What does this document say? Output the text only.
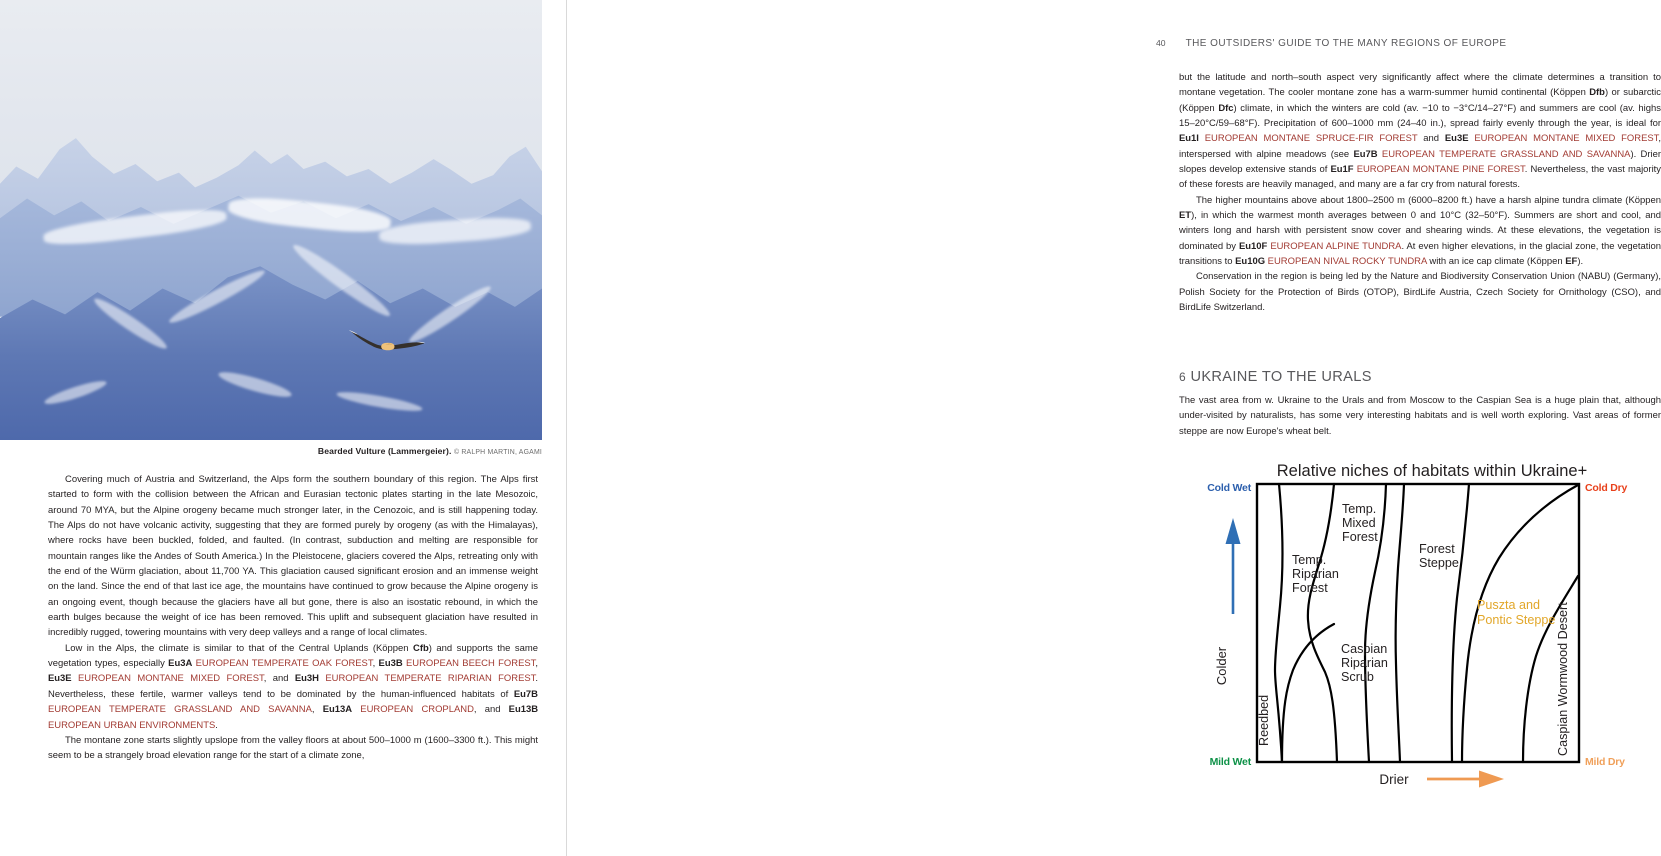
Bearded Vulture (Lammergeier). © RALPH MARTIN, AGAMI

Covering much of Austria and Switzerland, the Alps form the southern boundary of this region. The Alps first started to form with the collision between the African and Eurasian tectonic plates starting in the late Mesozoic, around 70 MYA, but the Alpine orogeny became much stronger later, in the Cenozoic, and is still happening today. The Alps do not have volcanic activity, suggesting that they are formed purely by orogeny (as with the Himalayas), where rocks have been buckled, folded, and faulted. (In contrast, subduction and melting are responsible for mountain ranges like the Andes of South America.) In the Pleistocene, glaciers covered the Alps, retreating only with the end of the Würm glaciation, about 11,700 YA. This glaciation caused significant erosion and an immense weight on the land. Since the end of that last ice age, the mountains have continued to grow because the Alpine orogeny is an ongoing event, though because the glaciers have all but gone, there is also an isostatic rebound, in which the earth bulges because the weight of ice has been removed. This uplift and subsequent glaciation have resulted in incredibly rugged, towering mountains with very deep valleys and a range of local climates.

Low in the Alps, the climate is similar to that of the Central Uplands (Köppen Cfb) and supports the same vegetation types, especially Eu3A EUROPEAN TEMPERATE OAK FOREST, Eu3B EUROPEAN BEECH FOREST, Eu3E EUROPEAN MONTANE MIXED FOREST, and Eu3H EUROPEAN TEMPERATE RIPARIAN FOREST. Nevertheless, these fertile, warmer valleys tend to be dominated by the human-influenced habitats of Eu7B EUROPEAN TEMPERATE GRASSLAND AND SAVANNA, Eu13A EUROPEAN CROPLAND, and Eu13B EUROPEAN URBAN ENVIRONMENTS.

The montane zone starts slightly upslope from the valley floors at about 500–1000 m (1600–3300 ft.). This might seem to be a strangely broad elevation range for the start of a climate zone,

40 THE OUTSIDERS' GUIDE TO THE MANY REGIONS OF EUROPE

but the latitude and north–south aspect very significantly affect where the climate determines a transition to montane vegetation. The cooler montane zone has a warm-summer humid continental (Köppen Dfb) or subarctic (Köppen Dfc) climate, in which the winters are cold (av. −10 to −3°C/14–27°F) and summers are cool (av. highs 15–20°C/59–68°F). Precipitation of 600–1000 mm (24–40 in.), spread fairly evenly through the year, is ideal for Eu1I EUROPEAN MONTANE SPRUCE-FIR FOREST and Eu3E EUROPEAN MONTANE MIXED FOREST, interspersed with alpine meadows (see Eu7B EUROPEAN TEMPERATE GRASSLAND AND SAVANNA). Drier slopes develop extensive stands of Eu1F EUROPEAN MONTANE PINE FOREST. Nevertheless, the vast majority of these forests are heavily managed, and many are a far cry from natural forests.

The higher mountains above about 1800–2500 m (6000–8200 ft.) have a harsh alpine tundra climate (Köppen ET), in which the warmest month averages between 0 and 10°C (32–50°F). Summers are short and cool, and winters long and harsh with persistent snow cover and shearing winds. At these elevations, the vegetation is dominated by Eu10F EUROPEAN ALPINE TUNDRA. At even higher elevations, in the glacial zone, the vegetation transitions to Eu10G EUROPEAN NIVAL ROCKY TUNDRA with an ice cap climate (Köppen EF).

Conservation in the region is being led by the Nature and Biodiversity Conservation Union (NABU) (Germany), Polish Society for the Protection of Birds (OTOP), BirdLife Austria, Czech Society for Ornithology (CSO), and BirdLife Switzerland.

6 UKRAINE TO THE URALS
Relative niches of habitats within Ukraine+
Cold Wet	Cold Dry
Mild Wet	Mild Dry
Colder
Drier
Reedbed
Temp.
Riparian
Forest
Temp.
Mixed
Forest
Caspian
Riparian
Scrub
Forest
Steppe
Puszta and
Pontic Steppe Caspian Wormwood Desert

The vast area from w. Ukraine to the Urals and from Moscow to the Caspian Sea is a huge plain that, although under-visited by naturalists, has some very interesting habitats and is well worth exploring. Vast areas of former steppe are now Europe's wheat belt.
